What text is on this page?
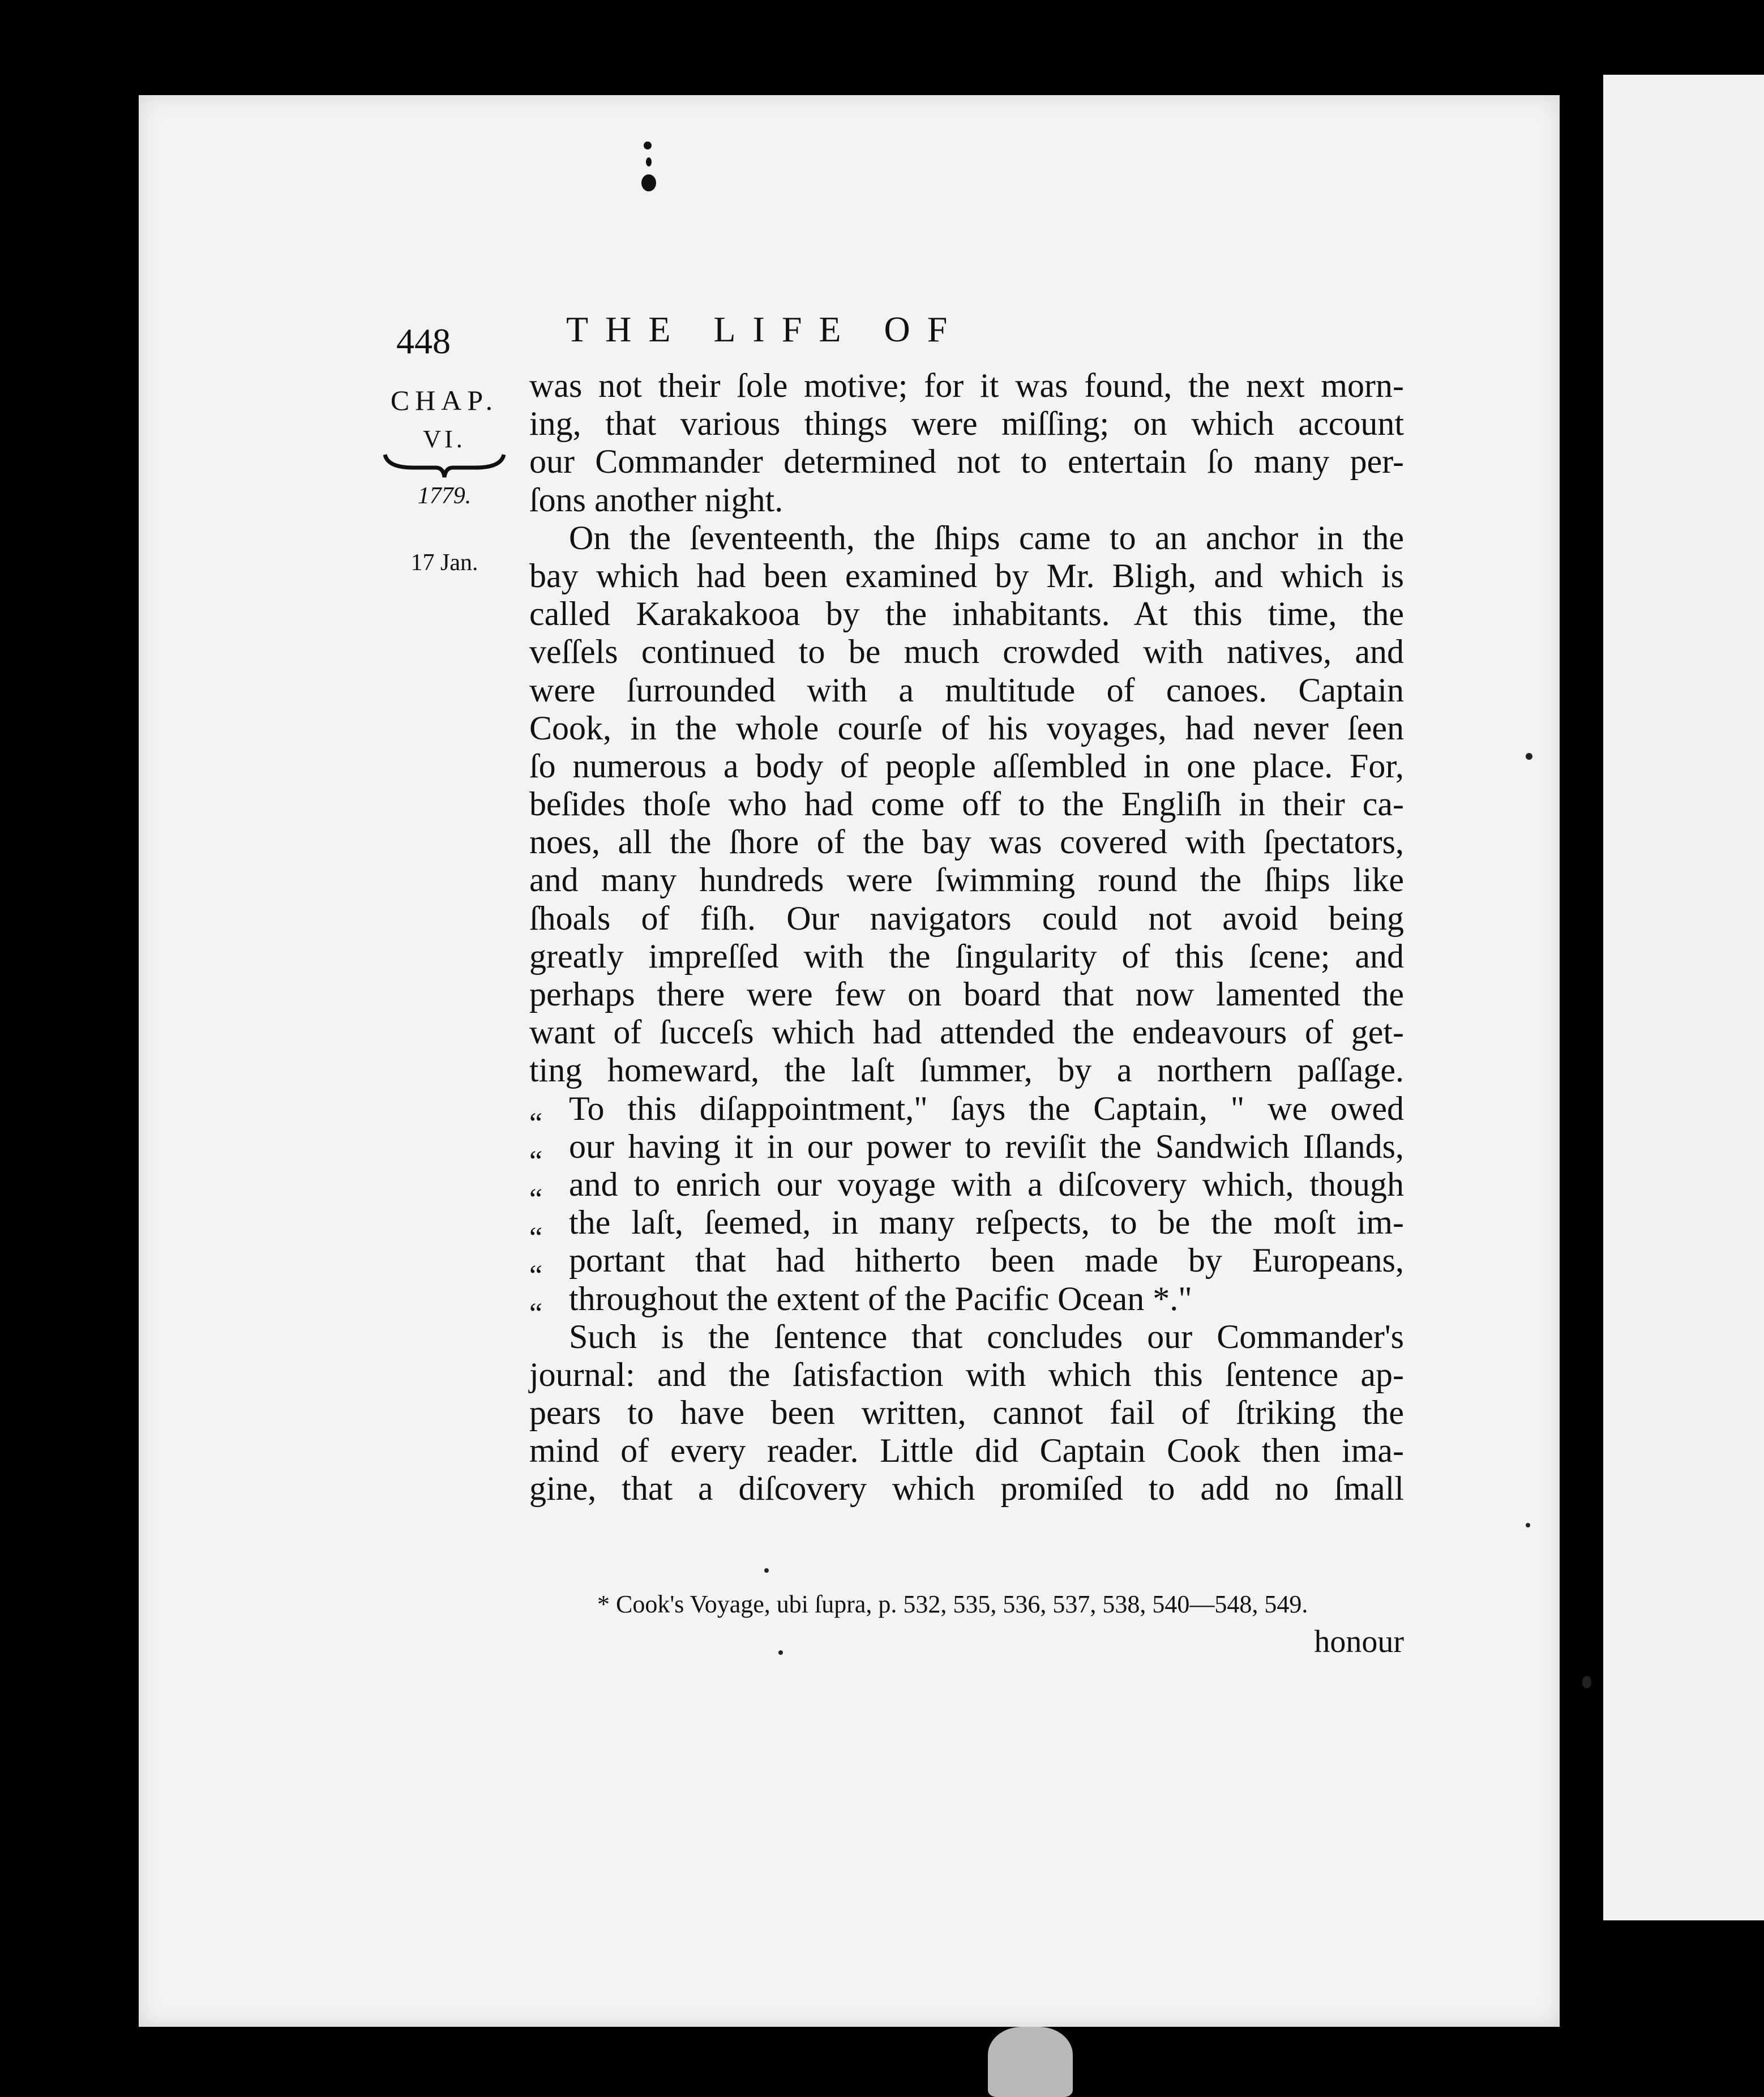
448	THE LIFE OF
CHAP.
VI.
1779.
17 Jan.
was not their ſole motive; for it was found, the next morn-
ing, that various things were miſſing; on which account
our Commander determined not to entertain ſo many per-
ſons another night.
On the ſeventeenth, the ſhips came to an anchor in the
bay which had been examined by Mr. Bligh, and which is
called Karakakooa by the inhabitants. At this time, the
veſſels continued to be much crowded with natives, and
were ſurrounded with a multitude of canoes. Captain
Cook, in the whole courſe of his voyages, had never ſeen
ſo numerous a body of people aſſembled in one place. For,
beſides thoſe who had come off to the Engliſh in their ca-
noes, all the ſhore of the bay was covered with ſpectators,
and many hundreds were ſwimming round the ſhips like
ſhoals of fiſh. Our navigators could not avoid being
greatly impreſſed with the ſingularity of this ſcene; and
perhaps there were few on board that now lamented the
want of ſucceſs which had attended the endeavours of get-
ting homeward, the laſt ſummer, by a northern paſſage.
To this diſappointment," ſays the Captain, " we owed
our having it in our power to reviſit the Sandwich Iſlands,
and to enrich our voyage with a diſcovery which, though
the laſt, ſeemed, in many reſpects, to be the moſt im-
portant that had hitherto been made by Europeans,
throughout the extent of the Pacific Ocean *."
Such is the ſentence that concludes our Commander's
journal: and the ſatisfaction with which this ſentence ap-
pears to have been written, cannot fail of ſtriking the
mind of every reader. Little did Captain Cook then ima-
gine, that a diſcovery which promiſed to add no ſmall
“
“
“
“
“
“
* Cook's Voyage, ubi ſupra, p. 532, 535, 536, 537, 538, 540—548, 549.
honour
